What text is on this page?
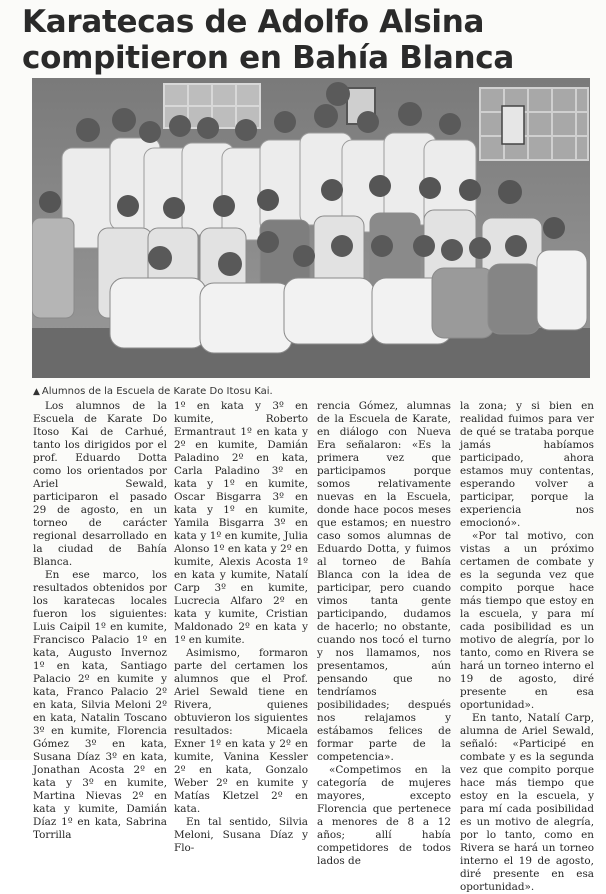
Karatecas de Adolfo Alsina
compitieron en Bahía Blanca
▲ Alumnos de la Escuela de Karate Do Itosu Kai.

Los alumnos de la Escuela de Karate Do Itoso Kai de Carhué, tanto los dirigidos por el prof. Eduardo Dotta como los orientados por Ariel Sewald, participaron el pasado 29 de agosto, en un torneo de carácter regional desarrollado en la ciudad de Bahía Blanca.

En ese marco, los resultados obtenidos por los karatecas locales fueron los siguientes: Luis Caipil 1º en kumite, Francisco Palacio 1º en kata, Augusto Invernoz 1º en kata, Santiago Palacio 2º en kumite y kata, Franco Palacio 2º en kata, Silvia Meloni 2º en kata, Natalin Toscano 3º en kumite, Florencia Gómez 3º en kata, Susana Díaz 3º en kata, Jonathan Acosta 2º en kata y 3º en kumite, Martina Nievas 2º en kata y kumite, Damián Díaz 1º en kata, Sabrina Torrilla

1º en kata y 3º en kumite, Roberto Ermantraut 1º en kata y 2º en kumite, Damián Paladino 2º en kata, Carla Paladino 3º en kata y 1º en kumite, Oscar Bisgarra 3º en kata y 1º en kumite, Yamila Bisgarra 3º en kata y 1º en kumite, Julia Alonso 1º en kata y 2º en kumite, Alexis Acosta 1º en kata y kumite, Natalí Carp 3º en kumite, Lucrecia Alfaro 2º en kata y kumite, Cristian Maldonado 2º en kata y 1º en kumite.

Asimismo, formaron parte del certamen los alumnos que el Prof. Ariel Sewald tiene en Rivera, quienes obtuvieron los siguientes resultados: Micaela Exner 1º en kata y 2º en kumite, Vanina Kessler 2º en kata, Gonzalo Weber 2º en kumite y Matías Kletzel 2º en kata.

En tal sentido, Silvia Meloni, Susana Díaz y Flo-

rencia Gómez, alumnas de la Escuela de Karate, en diálogo con Nueva Era señalaron: «Es la primera vez que participamos porque somos relativamente nuevas en la Escuela, donde hace pocos meses que estamos; en nuestro caso somos alumnas de Eduardo Dotta, y fuimos al torneo de Bahía Blanca con la idea de participar, pero cuando vimos tanta gente participando, dudamos de hacerlo; no obstante, cuando nos tocó el turno y nos llamamos, nos presentamos, aún pensando que no tendríamos posibilidades; después nos relajamos y estábamos felices de formar parte de la competencia».

«Competimos en la categoría de mujeres mayores, excepto Florencia que pertenece a menores de 8 a 12 años; allí había competidores de todos lados de

la zona; y si bien en realidad fuimos para ver de qué se trataba porque jamás habíamos participado, ahora estamos muy contentas, esperando volver a participar, porque la experiencia nos emocionó».

«Por tal motivo, con vistas a un próximo certamen de combate y es la segunda vez que compito porque hace más tiempo que estoy en la escuela, y para mí cada posibilidad es un motivo de alegría, por lo tanto, como en Rivera se hará un torneo interno el 19 de agosto, diré presente en esa oportunidad».

En tanto, Natalí Carp, alumna de Ariel Sewald, señaló: «Participé en combate y es la segunda vez que compito porque hace más tiempo que estoy en la escuela, y para mí cada posibilidad es un motivo de alegría, por lo tanto, como en Rivera se hará un torneo interno el 19 de agosto, diré presente en esa oportunidad».
